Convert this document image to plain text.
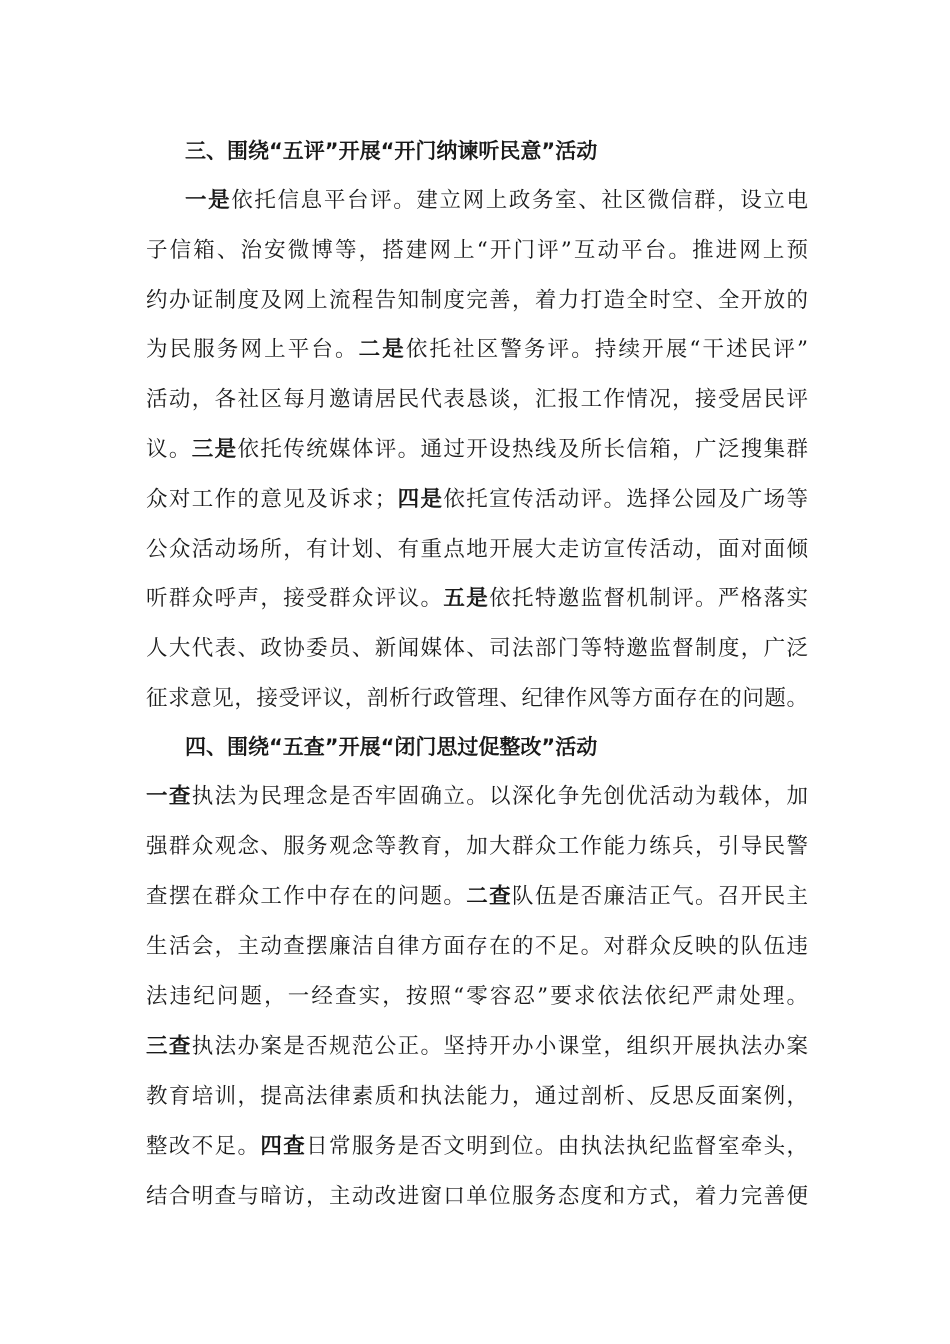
三、围绕“五评”开展“开门纳谏听民意”活动
一是依托信息平台评。建立网上政务室、社区微信群，设立电
子信箱、治安微博等，搭建网上“开门评”互动平台。推进网上预
约办证制度及网上流程告知制度完善，着力打造全时空、全开放的
为民服务网上平台。二是依托社区警务评。持续开展“干述民评”
活动，各社区每月邀请居民代表恳谈，汇报工作情况，接受居民评
议。三是依托传统媒体评。通过开设热线及所长信箱，广泛搜集群
众对工作的意见及诉求；四是依托宣传活动评。选择公园及广场等
公众活动场所，有计划、有重点地开展大走访宣传活动，面对面倾
听群众呼声，接受群众评议。五是依托特邀监督机制评。严格落实
人大代表、政协委员、新闻媒体、司法部门等特邀监督制度，广泛
征求意见，接受评议，剖析行政管理、纪律作风等方面存在的问题。
四、围绕“五查”开展“闭门思过促整改”活动
一查执法为民理念是否牢固确立。以深化争先创优活动为载体，加
强群众观念、服务观念等教育，加大群众工作能力练兵，引导民警
查摆在群众工作中存在的问题。二查队伍是否廉洁正气。召开民主
生活会，主动查摆廉洁自律方面存在的不足。对群众反映的队伍违
法违纪问题，一经查实，按照“零容忍”要求依法依纪严肃处理。
三查执法办案是否规范公正。坚持开办小课堂，组织开展执法办案
教育培训，提高法律素质和执法能力，通过剖析、反思反面案例，
整改不足。四查日常服务是否文明到位。由执法执纪监督室牵头，
结合明查与暗访，主动改进窗口单位服务态度和方式，着力完善便
